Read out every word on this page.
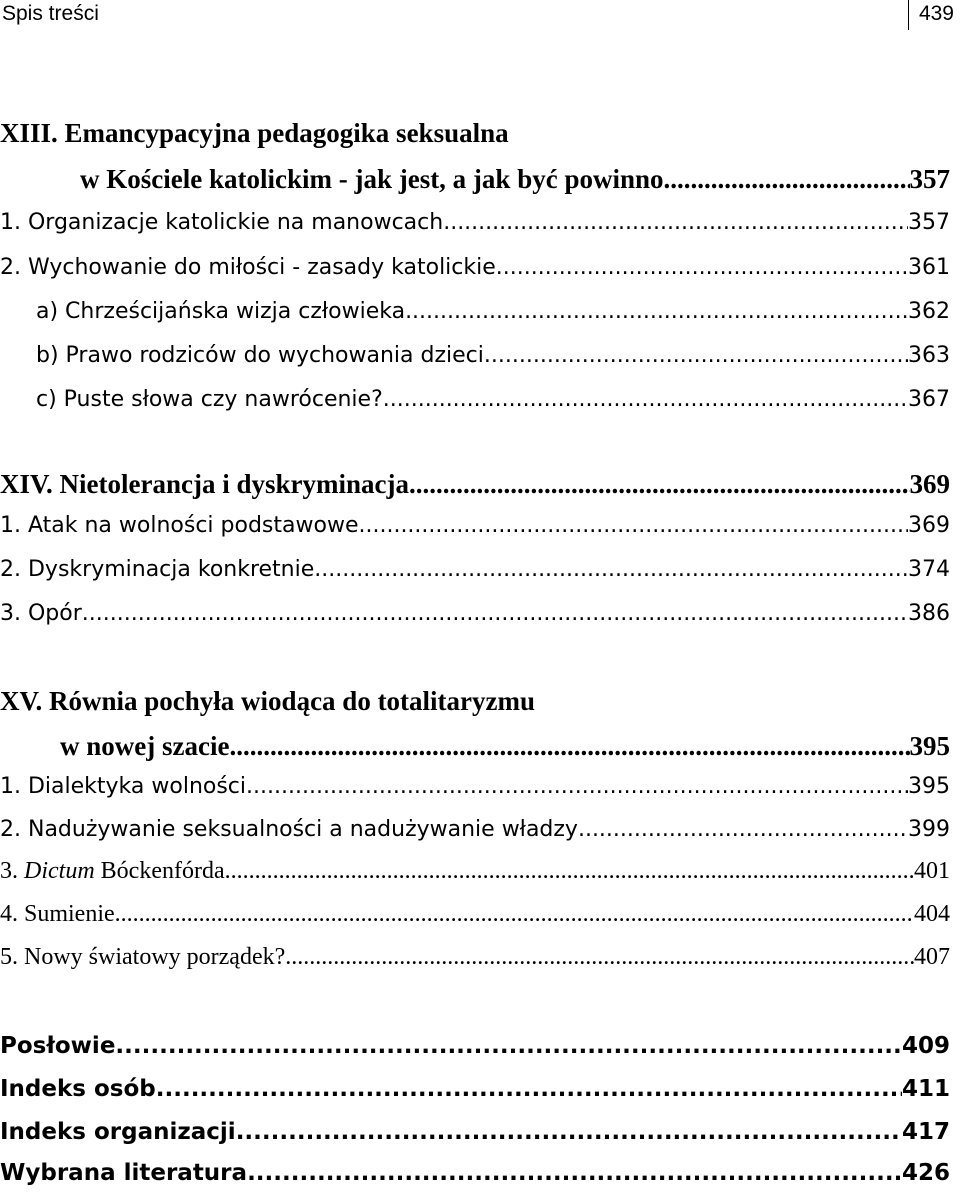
Spis treści	439
XIII. Emancypacyjna pedagogika seksualna
w Kościele katolickim - jak jest, a jak być powinno .....	357
1. Organizacje katolickie na manowcach .....	357
2. Wychowanie do miłości - zasady katolickie .....	361
a) Chrześcijańska wizja człowieka .....	362
b) Prawo rodziców do wychowania dzieci .....	363
c) Puste słowa czy nawrócenie? .....	367
XIV. Nietolerancja i dyskryminacja .....	369
1. Atak na wolności podstawowe .....	369
2. Dyskryminacja konkretnie .....	374
3. Opór .....	386
XV. Równia pochyła wiodąca do totalitaryzmu
w nowej szacie .....	395
1. Dialektyka wolności .....	395
2. Nadużywanie seksualności a nadużywanie władzy .....	399
3. Dictum Bóckenfórda .....	401
4. Sumienie .....	404
5. Nowy światowy porządek? .....	407
Posłowie .....	409
Indeks osób .....	411
Indeks organizacji .....	417
Wybrana literatura .....	426
